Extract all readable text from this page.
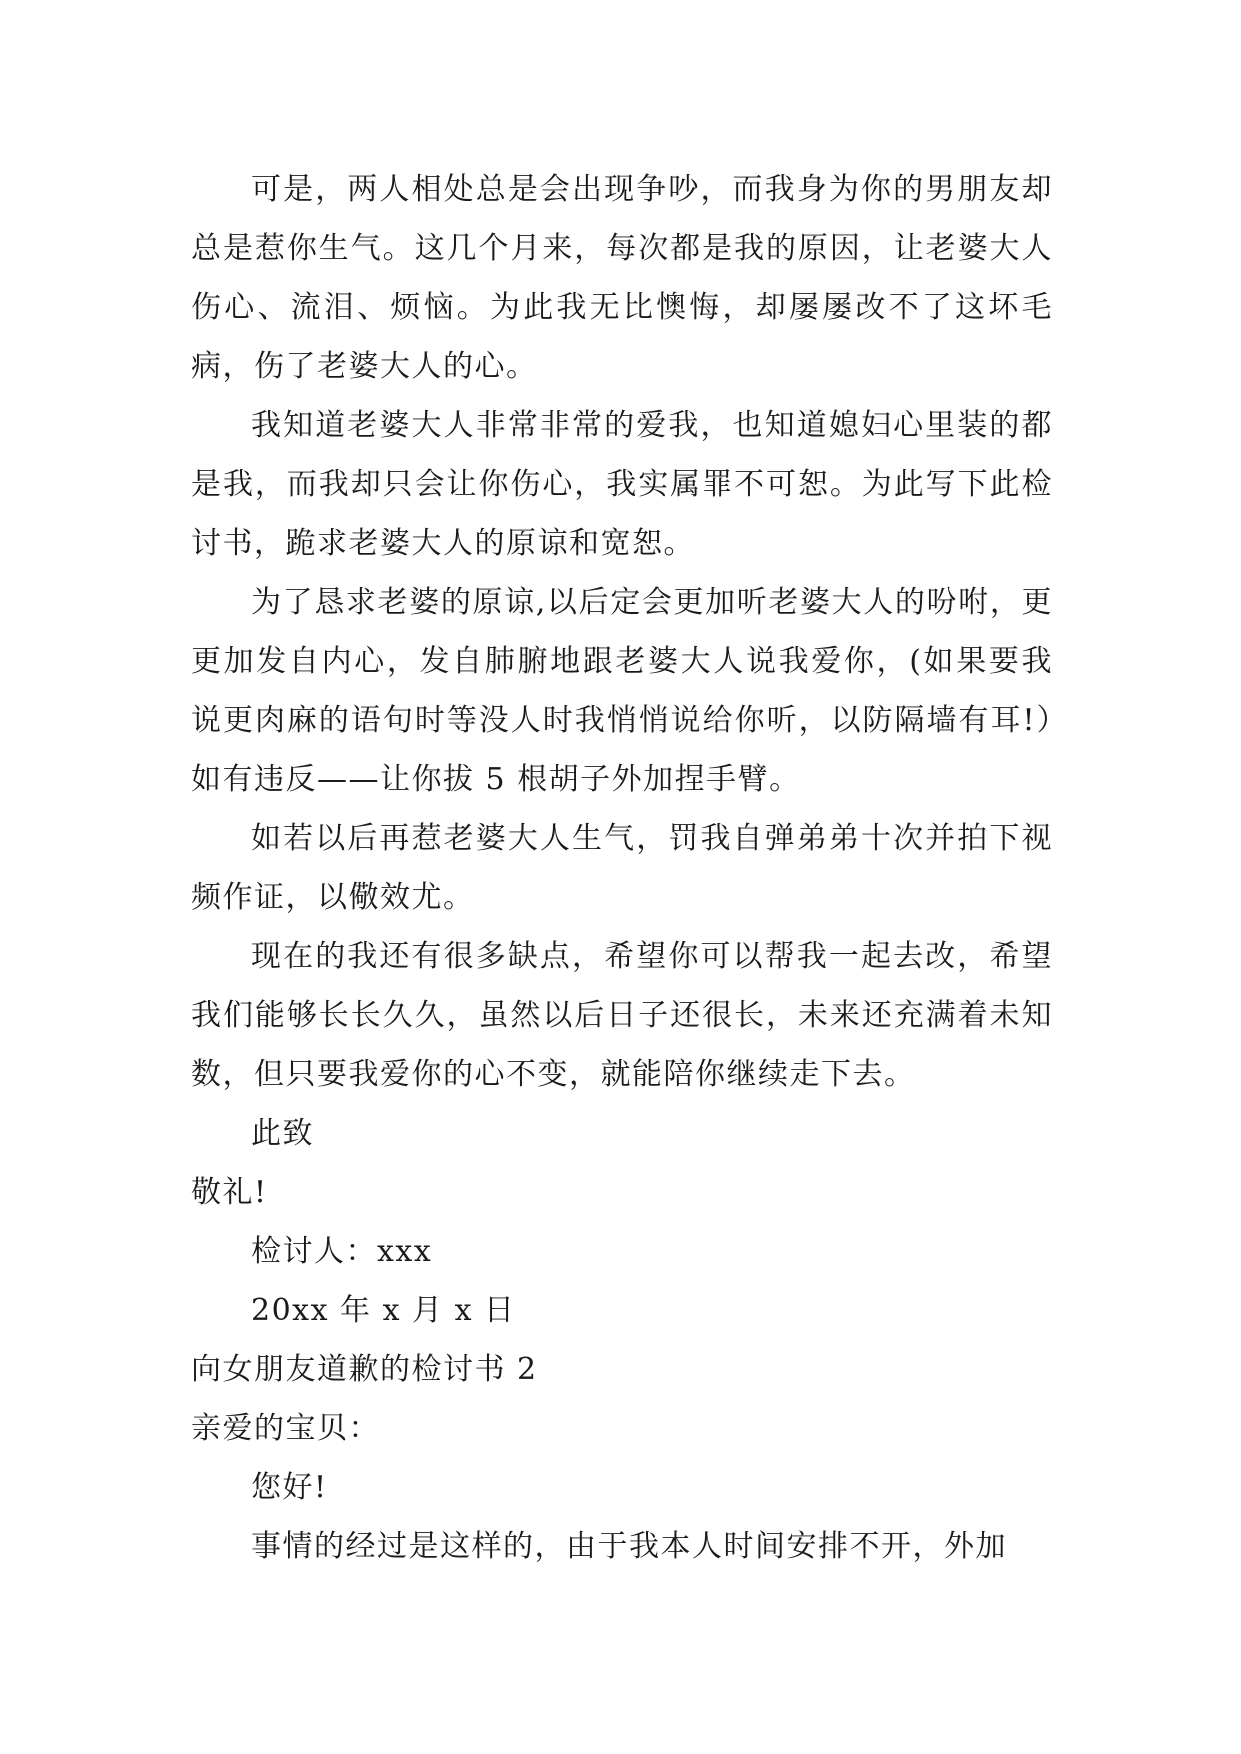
可是，两人相处总是会出现争吵，而我身为你的男朋友却总是惹你生气。这几个月来，每次都是我的原因，让老婆大人伤心、流泪、烦恼。为此我无比懊悔，却屡屡改不了这坏毛病，伤了老婆大人的心。

我知道老婆大人非常非常的爱我，也知道媳妇心里装的都是我，而我却只会让你伤心，我实属罪不可恕。为此写下此检讨书，跪求老婆大人的原谅和宽恕。

为了恳求老婆的原谅,以后定会更加听老婆大人的吩咐，更更加发自内心，发自肺腑地跟老婆大人说我爱你，(如果要我说更肉麻的语句时等没人时我悄悄说给你听，以防隔墙有耳!）如有违反——让你拔 5 根胡子外加捏手臂。

如若以后再惹老婆大人生气，罚我自弹弟弟十次并拍下视频作证，以儆效尤。

现在的我还有很多缺点，希望你可以帮我一起去改，希望我们能够长长久久，虽然以后日子还很长，未来还充满着未知数，但只要我爱你的心不变，就能陪你继续走下去。

此致

敬礼!

检讨人：xxx

20xx 年 x 月 x 日

向女朋友道歉的检讨书 2

亲爱的宝贝：

您好!

事情的经过是这样的，由于我本人时间安排不开，外加
